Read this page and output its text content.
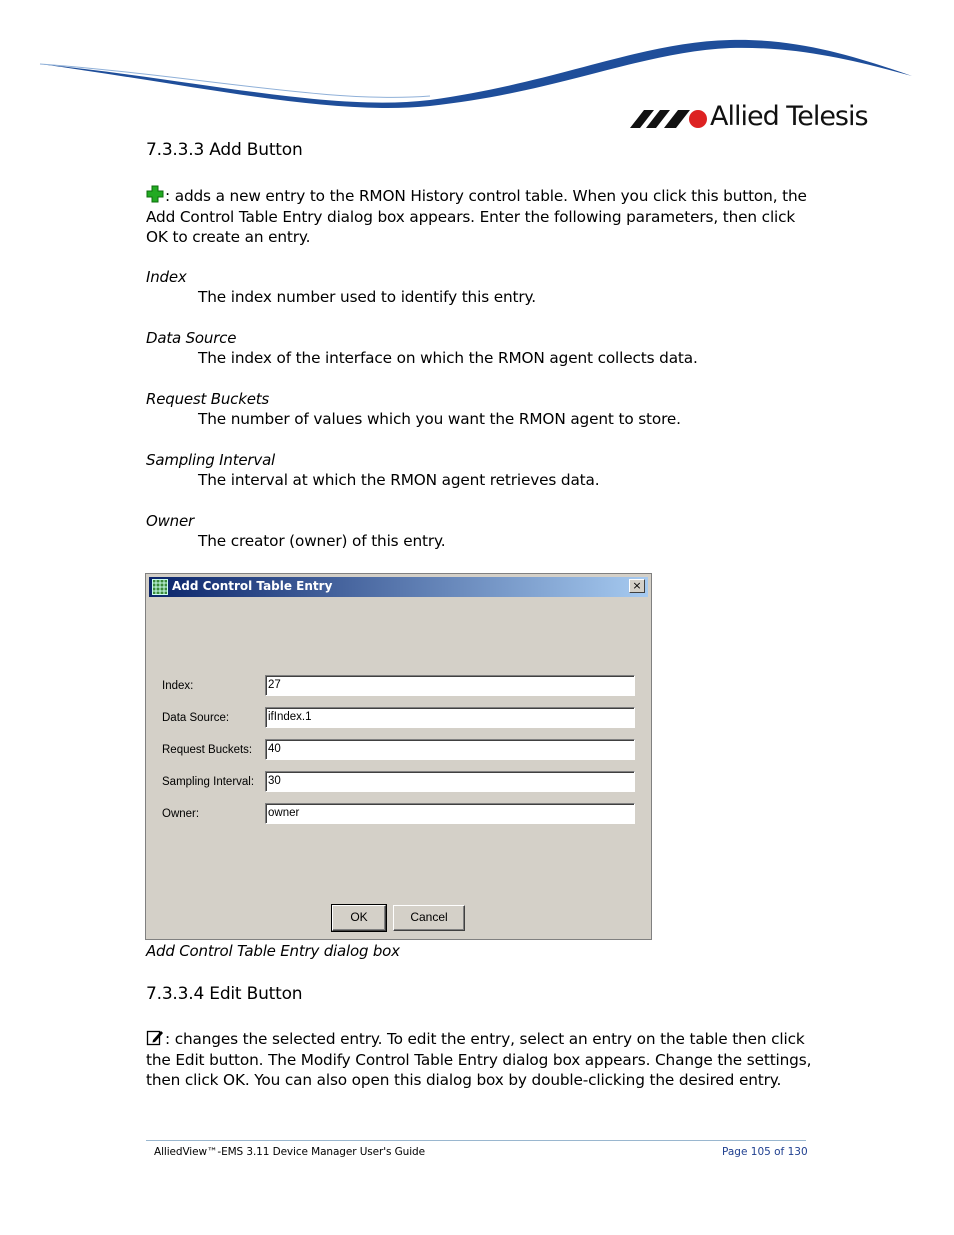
Allied Telesis
7.3.3.3 Add Button

: adds a new entry to the RMON History control table. When you click this button, the Add Control Table Entry dialog box appears. Enter the following parameters, then click OK to create an entry.

Index
The index number used to identify this entry.
Data Source
The index of the interface on which the RMON agent collects data.
Request Buckets
The number of values which you want the RMON agent to store.
Sampling Interval
The interval at which the RMON agent retrieves data.
Owner
The creator (owner) of this entry.
Add Control Table Entry	×
Index:	27
Data Source:	ifIndex.1
Request Buckets: 40
Sampling Interval: 30
Owner:	owner
OK	Cancel
Add Control Table Entry dialog box
7.3.3.4 Edit Button

: changes the selected entry. To edit the entry, select an entry on the table then click the Edit button. The Modify Control Table Entry dialog box appears. Change the settings, then click OK. You can also open this dialog box by double-clicking the desired entry.

AlliedView™-EMS 3.11 Device Manager User's Guide	Page 105 of 130
